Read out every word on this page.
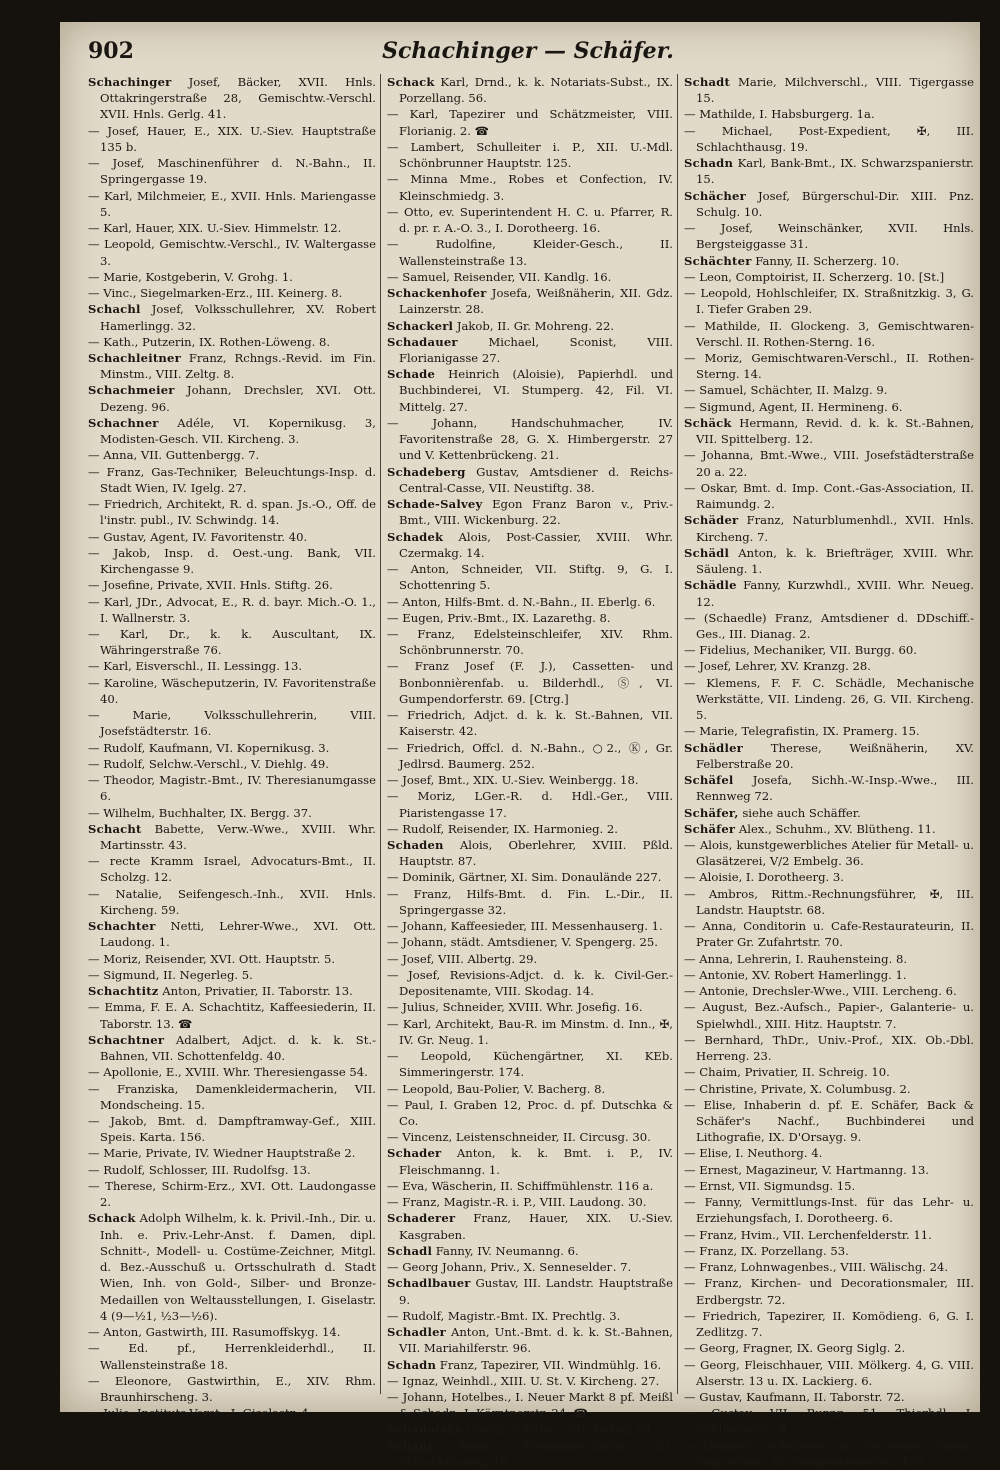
902	Schachinger — Schäfer.

Schachinger Josef, Bäcker, XVII. Hnls. Ottakringerstraße 28, Gemischtw.-Verschl. XVII. Hnls. Gerlg. 41.

— Josef, Hauer, E., XIX. U.-Siev. Hauptstraße 135 b.

— Josef, Maschinenführer d. N.-Bahn., II. Springergasse 19.

— Karl, Milchmeier, E., XVII. Hnls. Mariengasse 5.

— Karl, Hauer, XIX. U.-Siev. Himmelstr. 12.

— Leopold, Gemischtw.-Verschl., IV. Waltergasse 3.

— Marie, Kostgeberin, V. Grohg. 1.

— Vinc., Siegelmarken-Erz., III. Keinerg. 8.

Schachl Josef, Volksschullehrer, XV. Robert Hamerlingg. 32.

— Kath., Putzerin, IX. Rothen-Löweng. 8.

Schachleitner Franz, Rchngs.-Revid. im Fin. Minstm., VIII. Zeltg. 8.

Schachmeier Johann, Drechsler, XVI. Ott. Dezeng. 96.

Schachner Adéle, VI. Kopernikusg. 3, Modisten-Gesch. VII. Kircheng. 3.

— Anna, VII. Guttenbergg. 7.

— Franz, Gas-Techniker, Beleuchtungs-Insp. d. Stadt Wien, IV. Igelg. 27.

— Friedrich, Architekt, R. d. span. Js.-O., Off. de l'instr. publ., IV. Schwindg. 14.

— Gustav, Agent, IV. Favoritenstr. 40.

— Jakob, Insp. d. Oest.-ung. Bank, VII. Kirchengasse 9.

— Josefine, Private, XVII. Hnls. Stiftg. 26.

— Karl, JDr., Advocat, E., R. d. bayr. Mich.-O. 1., I. Wallnerstr. 3.

— Karl, Dr., k. k. Auscultant, IX. Währingerstraße 76.

— Karl, Eisverschl., II. Lessingg. 13.

— Karoline, Wäscheputzerin, IV. Favoritenstraße 40.

— Marie, Volksschullehrerin, VIII. Josefstädterstr. 16.

— Rudolf, Kaufmann, VI. Kopernikusg. 3.

— Rudolf, Selchw.-Verschl., V. Diehlg. 49.

— Theodor, Magistr.-Bmt., IV. Theresianumgasse 6.

— Wilhelm, Buchhalter, IX. Bergg. 37.

Schacht Babette, Verw.-Wwe., XVIII. Whr. Martinsstr. 43.

— recte Kramm Israel, Advocaturs-Bmt., II. Scholzg. 12.

— Natalie, Seifengesch.-Inh., XVII. Hnls. Kircheng. 59.

Schachter Netti, Lehrer-Wwe., XVI. Ott. Laudong. 1.

— Moriz, Reisender, XVI. Ott. Hauptstr. 5.

— Sigmund, II. Negerleg. 5.

Schachtitz Anton, Privatier, II. Taborstr. 13.

— Emma, F. E. A. Schachtitz, Kaffeesiederin, II. Taborstr. 13. ☎

Schachtner Adalbert, Adjct. d. k. k. St.-Bahnen, VII. Schottenfeldg. 40.

— Apollonie, E., XVIII. Whr. Theresiengasse 54.

— Franziska, Damenkleidermacherin, VII. Mondscheing. 15.

— Jakob, Bmt. d. Dampftramway-Gef., XIII. Speis. Karta. 156.

— Marie, Private, IV. Wiedner Hauptstraße 2.

— Rudolf, Schlosser, III. Rudolfsg. 13.

— Therese, Schirm-Erz., XVI. Ott. Laudongasse 2.

Schack Adolph Wilhelm, k. k. Privil.-Inh., Dir. u. Inh. e. Priv.-Lehr-Anst. f. Damen, dipl. Schnitt-, Modell- u. Costüme-Zeichner, Mitgl. d. Bez.-Ausschuß u. Ortsschulrath d. Stadt Wien, Inh. von Gold-, Silber- und Bronze-Medaillen von Weltausstellungen, I. Giselastr. 4 (9—½1, ½3—½6).

— Anton, Gastwirth, III. Rasumoffskyg. 14.

— Ed. pf., Herrenkleiderhdl., II. Wallensteinstraße 18.

— Eleonore, Gastwirthin, E., XIV. Rhm. Braunhirscheng. 3.

— Julie, Instituts-Vorst., I. Giselastr. 4.

Schack Karl, Drnd., k. k. Notariats-Subst., IX. Porzellang. 56.

— Karl, Tapezirer und Schätzmeister, VIII. Florianig. 2. ☎

— Lambert, Schulleiter i. P., XII. U.-Mdl. Schönbrunner Hauptstr. 125.

— Minna Mme., Robes et Confection, IV. Kleinschmiedg. 3.

— Otto, ev. Superintendent H. C. u. Pfarrer, R. d. pr. r. A.-O. 3., I. Dorotheerg. 16.

— Rudolfine, Kleider-Gesch., II. Wallensteinstraße 13.

— Samuel, Reisender, VII. Kandlg. 16.

Schackenhofer Josefa, Weißnäherin, XII. Gdz. Lainzerstr. 28.

Schackerl Jakob, II. Gr. Mohreng. 22.

Schadauer Michael, Sconist, VIII. Florianigasse 27.

Schade Heinrich (Aloisie), Papierhdl. und Buchbinderei, VI. Stumperg. 42, Fil. VI. Mittelg. 27.

— Johann, Handschuhmacher, IV. Favoritenstraße 28, G. X. Himbergerstr. 27 und V. Kettenbrückeng. 21.

Schadeberg Gustav, Amtsdiener d. Reichs-Central-Casse, VII. Neustiftg. 38.

Schade-Salvey Egon Franz Baron v., Priv.-Bmt., VIII. Wickenburg. 22.

Schadek Alois, Post-Cassier, XVIII. Whr. Czermakg. 14.

— Anton, Schneider, VII. Stiftg. 9, G. I. Schottenring 5.

— Anton, Hilfs-Bmt. d. N.-Bahn., II. Eberlg. 6.

— Eugen, Priv.-Bmt., IX. Lazarethg. 8.

— Franz, Edelsteinschleifer, XIV. Rhm. Schönbrunnerstr. 70.

— Franz Josef (F. J.), Cassetten- und Bonbonnièrenfab. u. Bilderhdl., Ⓢ, VI. Gumpendorferstr. 69. [Ctrg.]

— Friedrich, Adjct. d. k. k. St.-Bahnen, VII. Kaiserstr. 42.

— Friedrich, Offcl. d. N.-Bahn., ○2., Ⓚ, Gr. Jedlrsd. Baumerg. 252.

— Josef, Bmt., XIX. U.-Siev. Weinbergg. 18.

— Moriz, LGer.-R. d. Hdl.-Ger., VIII. Piaristengasse 17.

— Rudolf, Reisender, IX. Harmonieg. 2.

Schaden Alois, Oberlehrer, XVIII. Pßld. Hauptstr. 87.

— Dominik, Gärtner, XI. Sim. Donaulände 227.

— Franz, Hilfs-Bmt. d. Fin. L.-Dir., II. Springergasse 32.

— Johann, Kaffeesieder, III. Messenhauserg. 1.

— Johann, städt. Amtsdiener, V. Spengerg. 25.

— Josef, VIII. Albertg. 29.

— Josef, Revisions-Adjct. d. k. k. Civil-Ger.-Depositenamte, VIII. Skodag. 14.

— Julius, Schneider, XVIII. Whr. Josefig. 16.

— Karl, Architekt, Bau-R. im Minstm. d. Inn., ✠, IV. Gr. Neug. 1.

— Leopold, Küchengärtner, XI. KEb. Simmeringerstr. 174.

— Leopold, Bau-Polier, V. Bacherg. 8.

— Paul, I. Graben 12, Proc. d. pf. Dutschka & Co.

— Vincenz, Leistenschneider, II. Circusg. 30.

Schader Anton, k. k. Bmt. i. P., IV. Fleischmanng. 1.

— Eva, Wäscherin, II. Schiffmühlenstr. 116 a.

— Franz, Magistr.-R. i. P., VIII. Laudong. 30.

Schaderer Franz, Hauer, XIX. U.-Siev. Kasgraben.

Schadl Fanny, IV. Neumanng. 6.

— Georg Johann, Priv., X. Senneseldeг. 7.

Schadlbauer Gustav, III. Landstr. Hauptstraße 9.

— Rudolf, Magistr.-Bmt. IX. Prechtlg. 3.

Schadler Anton, Unt.-Bmt. d. k. k. St.-Bahnen, VII. Mariahilferstr. 96.

Schadn Franz, Tapezirer, VII. Windmühlg. 16.

— Ignaz, Weinhdl., XIII. U. St. V. Kircheng. 27.

— Johann, Hotelbes., I. Neuer Markt 8 pf. Meißl & Schadn, I. Kärntnerstr. 24. ☎

Schadofsky Georg, Schuhm., VII. Burgg. 81.

Schadt Fanny, Postmanipulantin, III. Schlachthausg. 19.

Schadt Marie, Milchverschl., VIII. Tigergasse 15.

— Mathilde, I. Habsburgerg. 1a.

— Michael, Post-Expedient, ✠, III. Schlachthausg. 19.

Schadn Karl, Bank-Bmt., IX. Schwarzspanierstr. 15.

Schächer Josef, Bürgerschul-Dir. XIII. Pnz. Schulg. 10.

— Josef, Weinschänker, XVII. Hnls. Bergsteiggasse 31.

Schächter Fanny, II. Scherzerg. 10.

— Leon, Comptoirist, II. Scherzerg. 10. [St.]

— Leopold, Hohlschleifer, IX. Straßnitzkig. 3, G. I. Tiefer Graben 29.

— Mathilde, II. Glockeng. 3, Gemischtwaren-Verschl. II. Rothen-Sterng. 16.

— Moriz, Gemischtwaren-Verschl., II. Rothen-Sterng. 14.

— Samuel, Schächter, II. Malzg. 9.

— Sigmund, Agent, II. Hermineng. 6.

Schäck Hermann, Revid. d. k. k. St.-Bahnen, VII. Spittelberg. 12.

— Johanna, Bmt.-Wwe., VIII. Josefstädterstraße 20 a. 22.

— Oskar, Bmt. d. Imp. Cont.-Gas-Association, II. Raimundg. 2.

Schäder Franz, Naturblumenhdl., XVII. Hnls. Kircheng. 7.

Schädl Anton, k. k. Briefträger, XVIII. Whr. Säuleng. 1.

Schädle Fanny, Kurzwhdl., XVIII. Whr. Neueg. 12.

— (Schaedle) Franz, Amtsdiener d. DDschiff.-Ges., III. Dianag. 2.

— Fidelius, Mechaniker, VII. Burgg. 60.

— Josef, Lehrer, XV. Kranzg. 28.

— Klemens, F. F. C. Schädle, Mechanische Werkstätte, VII. Lindeng. 26, G. VII. Kircheng. 5.

— Marie, Telegrafistin, IX. Pramerg. 15.

Schädler Therese, Weißnäherin, XV. Felberstraße 20.

Schäfel Josefa, Sichh.-W.-Insp.-Wwe., III. Rennweg 72.

Schäfer, siehe auch Schäffer.

Schäfer Alex., Schuhm., XV. Blütheng. 11.

— Alois, kunstgewerbliches Atelier für Metall- u. Glasätzerei, V/2 Embelg. 36.

— Aloisie, I. Dorotheerg. 3.

— Ambros, Rittm.-Rechnungsführer, ✠, III. Landstr. Hauptstr. 68.

— Anna, Conditorin u. Cafe-Restaurateurin, II. Prater Gr. Zufahrtstr. 70.

— Anna, Lehrerin, I. Rauhensteing. 8.

— Antonie, XV. Robert Hamerlingg. 1.

— Antonie, Drechsler-Wwe., VIII. Lercheng. 6.

— August, Bez.-Aufsch., Papier-, Galanterie- u. Spielwhdl., XIII. Hitz. Hauptstr. 7.

— Bernhard, ThDr., Univ.-Prof., XIX. Ob.-Dbl. Herreng. 23.

— Chaim, Privatier, II. Schreig. 10.

— Christine, Private, X. Columbusg. 2.

— Elise, Inhaberin d. pf. E. Schäfer, Back & Schäfer's Nachf., Buchbinderei und Lithografie, IX. D'Orsayg. 9.

— Elise, I. Neuthorg. 4.

— Ernest, Magazineur, V. Hartmanng. 13.

— Ernst, VII. Sigmundsg. 15.

— Fanny, Vermittlungs-Inst. für das Lehr- u. Erziehungsfach, I. Dorotheerg. 6.

— Franz, Hvim., VII. Lerchenfelderstr. 11.

— Franz, IX. Porzellang. 53.

— Franz, Lohnwagenbes., VIII. Wälischg. 24.

— Franz, Kirchen- und Decorationsmaler, III. Erdbergstr. 72.

— Friedrich, Tapezirer, II. Komödieng. 6, G. I. Zedlitzg. 7.

— Georg, Fragner, IX. Georg Siglg. 2.

— Georg, Fleischhauer, VIII. Mölkerg. 4, G. VIII. Alserstr. 13 u. IX. Lackierg. 6.

— Gustav, Kaufmann, II. Taborstr. 72.

— Gustav, VII. Burgg. 51, Thierhdl. I. Kohlmesserg. 4.

— Heinrich, Schulleiter an der evang. Privat-Volksschule, VI. Gumpendorferstr. 129.
